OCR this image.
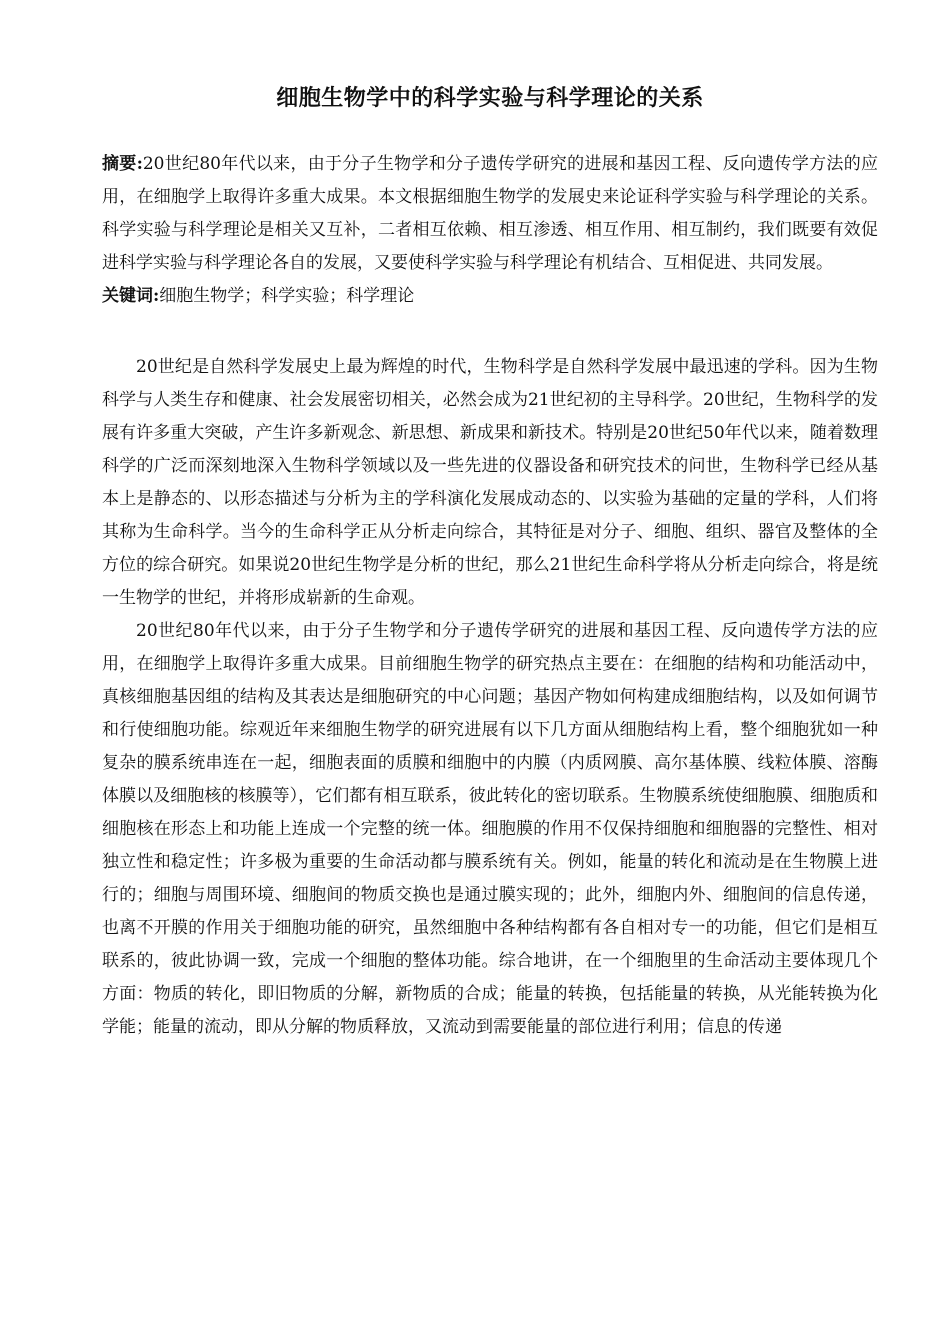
细胞生物学中的科学实验与科学理论的关系

摘要:20世纪80年代以来，由于分子生物学和分子遗传学研究的进展和基因工程、反向遗传学方法的应用，在细胞学上取得许多重大成果。本文根据细胞生物学的发展史来论证科学实验与科学理论的关系。科学实验与科学理论是相关又互补，二者相互依赖、相互渗透、相互作用、相互制约，我们既要有效促进科学实验与科学理论各自的发展，又要使科学实验与科学理论有机结合、互相促进、共同发展。

关键词:细胞生物学；科学实验；科学理论

20世纪是自然科学发展史上最为辉煌的时代，生物科学是自然科学发展中最迅速的学科。因为生物科学与人类生存和健康、社会发展密切相关，必然会成为21世纪初的主导科学。20世纪，生物科学的发展有许多重大突破，产生许多新观念、新思想、新成果和新技术。特别是20世纪50年代以来，随着数理科学的广泛而深刻地深入生物科学领域以及一些先进的仪器设备和研究技术的问世，生物科学已经从基本上是静态的、以形态描述与分析为主的学科演化发展成动态的、以实验为基础的定量的学科，人们将其称为生命科学。当今的生命科学正从分析走向综合，其特征是对分子、细胞、组织、器官及整体的全方位的综合研究。如果说20世纪生物学是分析的世纪，那么21世纪生命科学将从分析走向综合，将是统一生物学的世纪，并将形成崭新的生命观。

20世纪80年代以来，由于分子生物学和分子遗传学研究的进展和基因工程、反向遗传学方法的应用，在细胞学上取得许多重大成果。目前细胞生物学的研究热点主要在：在细胞的结构和功能活动中，真核细胞基因组的结构及其表达是细胞研究的中心问题；基因产物如何构建成细胞结构，以及如何调节和行使细胞功能。综观近年来细胞生物学的研究进展有以下几方面从细胞结构上看，整个细胞犹如一种复杂的膜系统串连在一起，细胞表面的质膜和细胞中的内膜（内质网膜、高尔基体膜、线粒体膜、溶酶体膜以及细胞核的核膜等），它们都有相互联系，彼此转化的密切联系。生物膜系统使细胞膜、细胞质和细胞核在形态上和功能上连成一个完整的统一体。细胞膜的作用不仅保持细胞和细胞器的完整性、相对独立性和稳定性；许多极为重要的生命活动都与膜系统有关。例如，能量的转化和流动是在生物膜上进行的；细胞与周围环境、细胞间的物质交换也是通过膜实现的；此外，细胞内外、细胞间的信息传递，也离不开膜的作用关于细胞功能的研究，虽然细胞中各种结构都有各自相对专一的功能，但它们是相互联系的，彼此协调一致，完成一个细胞的整体功能。综合地讲，在一个细胞里的生命活动主要体现几个方面：物质的转化，即旧物质的分解，新物质的合成；能量的转换，包括能量的转换，从光能转换为化学能；能量的流动，即从分解的物质释放，又流动到需要能量的部位进行利用；信息的传递
